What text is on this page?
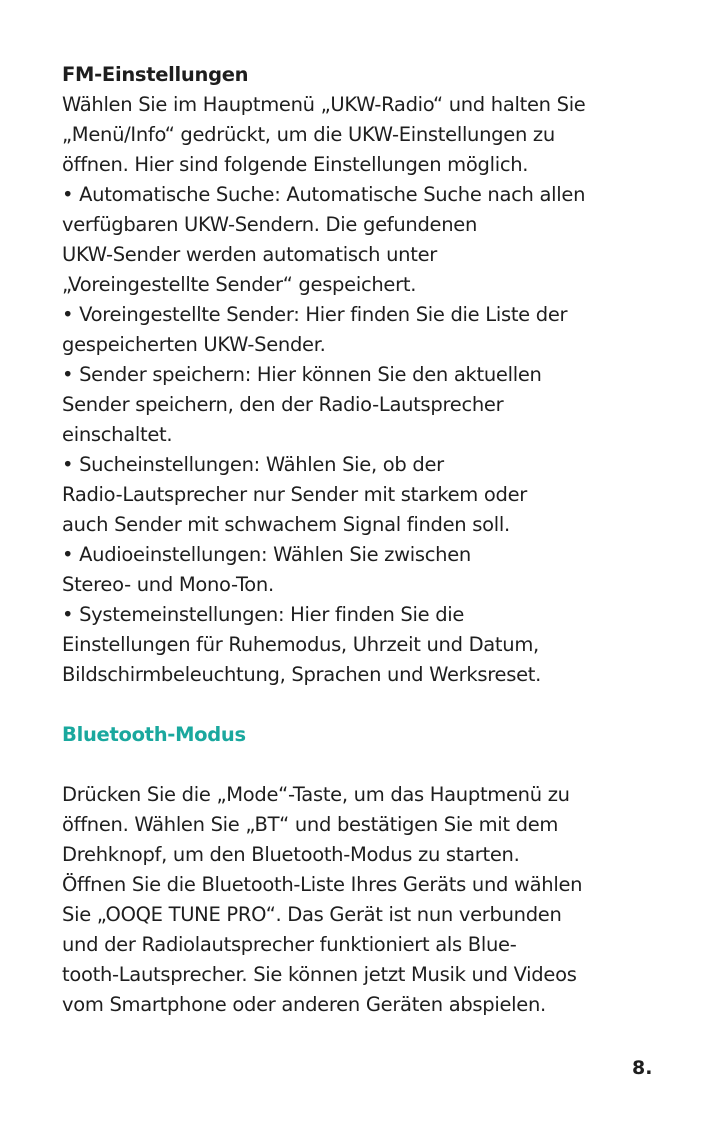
FM-Einstellungen
Wählen Sie im Hauptmenü „UKW-Radio“ und halten Sie
„Menü/Info“ gedrückt, um die UKW-Einstellungen zu
öffnen. Hier sind folgende Einstellungen möglich.
• Automatische Suche: Automatische Suche nach allen
verfügbaren UKW-Sendern. Die gefundenen
UKW-Sender werden automatisch unter
„Voreingestellte Sender“ gespeichert.
• Voreingestellte Sender: Hier finden Sie die Liste der
gespeicherten UKW-Sender.
• Sender speichern: Hier können Sie den aktuellen
Sender speichern, den der Radio-Lautsprecher
einschaltet.
• Sucheinstellungen: Wählen Sie, ob der
Radio-Lautsprecher nur Sender mit starkem oder
auch Sender mit schwachem Signal finden soll.
• Audioeinstellungen: Wählen Sie zwischen
Stereo- und Mono-Ton.
• Systemeinstellungen: Hier finden Sie die
Einstellungen für Ruhemodus, Uhrzeit und Datum,
Bildschirmbeleuchtung, Sprachen und Werksreset.
Bluetooth-Modus
Drücken Sie die „Mode“-Taste, um das Hauptmenü zu
öffnen. Wählen Sie „BT“ und bestätigen Sie mit dem
Drehknopf, um den Bluetooth-Modus zu starten.
Öffnen Sie die Bluetooth-Liste Ihres Geräts und wählen
Sie „OOQE TUNE PRO“. Das Gerät ist nun verbunden
und der Radiolautsprecher funktioniert als Blue-
tooth-Lautsprecher. Sie können jetzt Musik und Videos
vom Smartphone oder anderen Geräten abspielen.
8.
